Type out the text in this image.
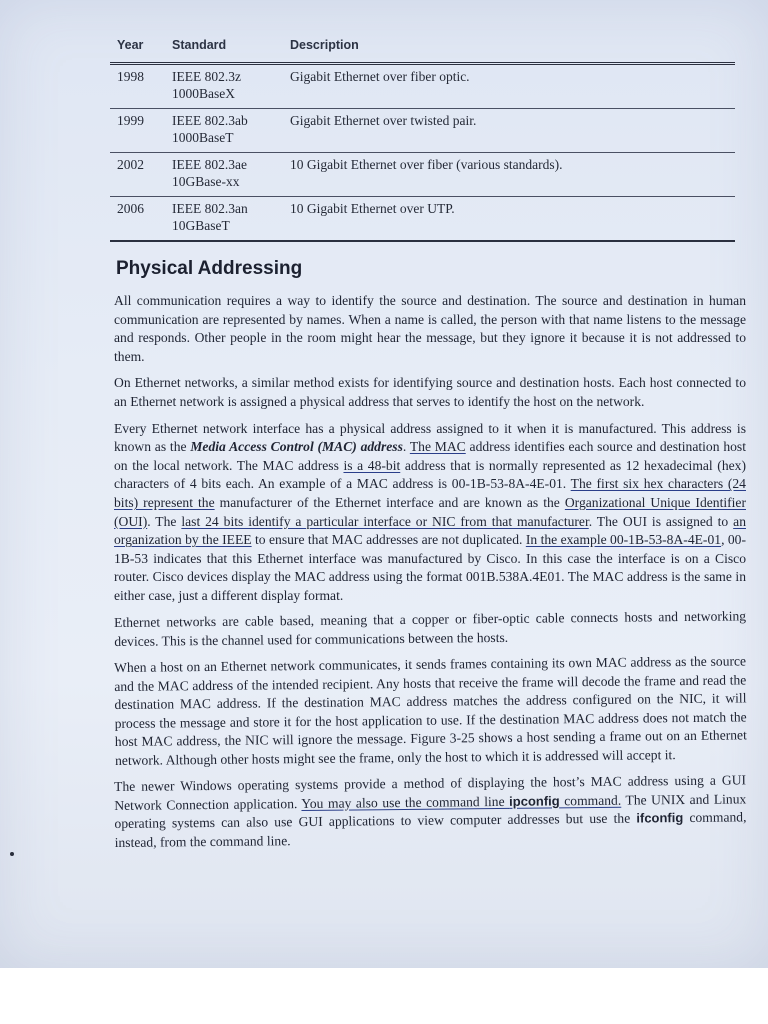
Year Standard	Description
1998 IEEE 802.3z
1000BaseX
Gigabit Ethernet over fiber optic.
1999 IEEE 802.3ab
1000BaseT
Gigabit Ethernet over twisted pair.
2002 IEEE 802.3ae
10GBase-xx
10 Gigabit Ethernet over fiber (various standards).
2006 IEEE 802.3an
10GBaseT
10 Gigabit Ethernet over UTP.
Physical Addressing

All communication requires a way to identify the source and destination. The source and destination in human communication are represented by names. When a name is called, the person with that name listens to the message and responds. Other people in the room might hear the message, but they ignore it because it is not addressed to them.

On Ethernet networks, a similar method exists for identifying source and destination hosts. Each host connected to an Ethernet network is assigned a physical address that serves to identify the host on the network.

Every Ethernet network interface has a physical address assigned to it when it is manufactured. This address is known as the Media Access Control (MAC) address. The MAC address identifies each source and destination host on the local network. The MAC address is a 48-bit address that is normally represented as 12 hexadecimal (hex) characters of 4 bits each. An example of a MAC address is 00-1B-53-8A-4E-01. The first six hex characters (24 bits) represent the manufacturer of the Ethernet interface and are known as the Organizational Unique Identifier (OUI). The last 24 bits identify a particular interface or NIC from that manufacturer. The OUI is assigned to an organization by the IEEE to ensure that MAC addresses are not duplicated. In the example 00-1B-53-8A-4E-01, 00-1B-53 indicates that this Ethernet interface was manufactured by Cisco. In this case the interface is on a Cisco router. Cisco devices display the MAC address using the format 001B.538A.4E01. The MAC address is the same in either case, just a different display format.

Ethernet networks are cable based, meaning that a copper or fiber-optic cable connects hosts and networking devices. This is the channel used for communications between the hosts.

When a host on an Ethernet network communicates, it sends frames containing its own MAC address as the source and the MAC address of the intended recipient. Any hosts that receive the frame will decode the frame and read the destination MAC address. If the destination MAC address matches the address configured on the NIC, it will process the message and store it for the host application to use. If the destination MAC address does not match the host MAC address, the NIC will ignore the message. Figure 3-25 shows a host sending a frame out on an Ethernet network. Although other hosts might see the frame, only the host to which it is addressed will accept it.

The newer Windows operating systems provide a method of displaying the host’s MAC address using a GUI Network Connection application. You may also use the command line ipconfig command. The UNIX and Linux operating systems can also use GUI applications to view computer addresses but use the ifconfig command, instead, from the command line.
